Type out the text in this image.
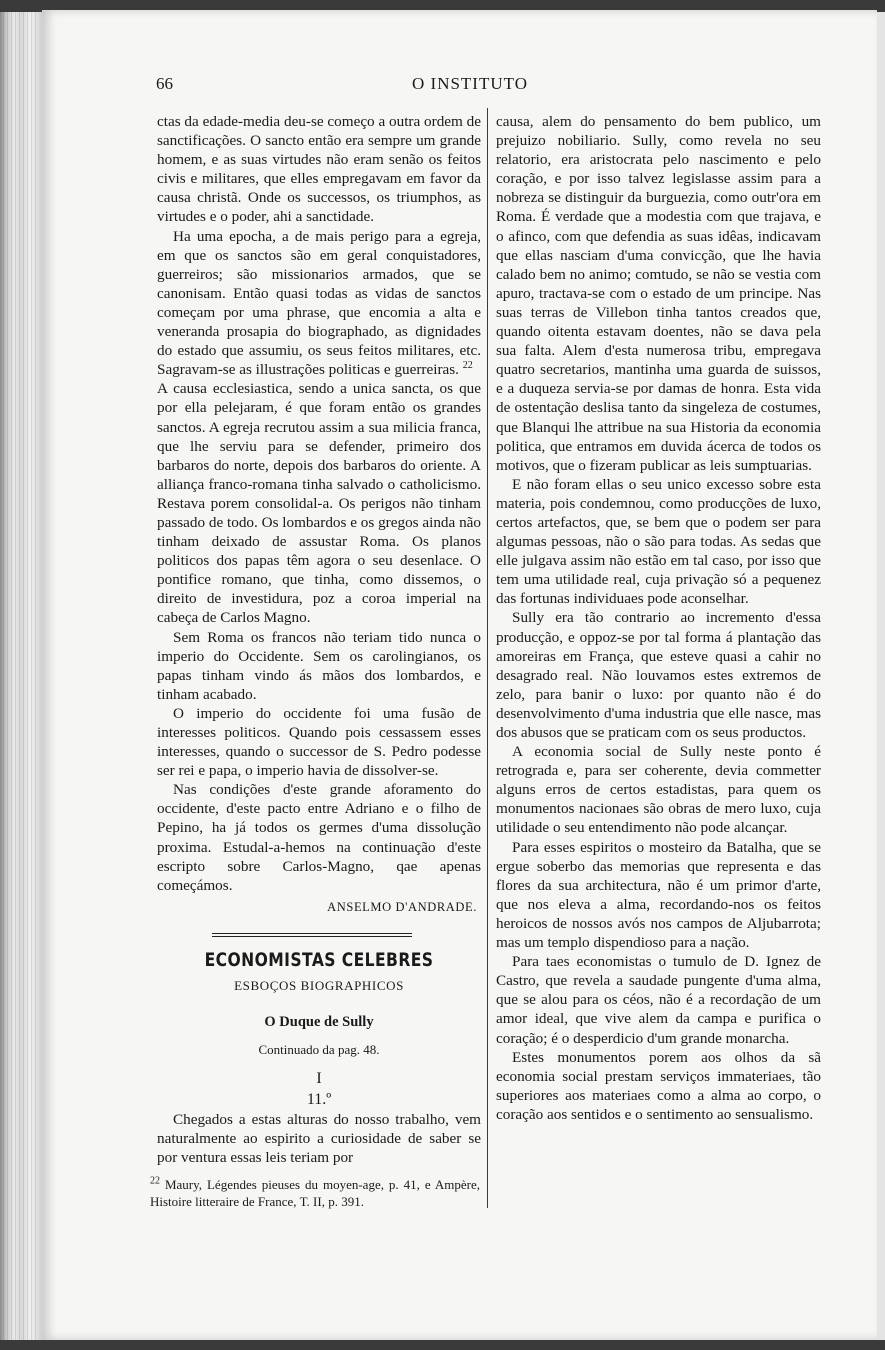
66	O INSTITUTO

ctas da edade-media deu-se começo a outra ordem de sanctificações. O sancto então era sempre um grande homem, e as suas virtudes não eram senão os feitos civis e militares, que elles empregavam em favor da causa christã. Onde os successos, os triumphos, as virtudes e o poder, ahi a sanctidade.

Ha uma epocha, a de mais perigo para a egreja, em que os sanctos são em geral conquistadores, guerreiros; são missionarios armados, que se canonisam. Então quasi todas as vidas de sanctos começam por uma phrase, que encomia a alta e veneranda prosapia do biographado, as dignidades do estado que assumiu, os seus feitos militares, etc. Sagravam-se as illustrações politicas e guerreiras. $^{22}$

A causa ecclesiastica, sendo a unica sancta, os que por ella pelejaram, é que foram então os grandes sanctos. A egreja recrutou assim a sua milicia franca, que lhe serviu para se defender, primeiro dos barbaros do norte, depois dos barbaros do oriente. A alliança franco-romana tinha salvado o catholicismo. Restava porem consolidal-a. Os perigos não tinham passado de todo. Os lombardos e os gregos ainda não tinham deixado de assustar Roma. Os planos politicos dos papas têm agora o seu desenlace. O pontifice romano, que tinha, como dissemos, o direito de investidura, poz a coroa imperial na cabeça de Carlos Magno.

Sem Roma os francos não teriam tido nunca o imperio do Occidente. Sem os carolingianos, os papas tinham vindo ás mãos dos lombardos, e tinham acabado.

O imperio do occidente foi uma fusão de interesses politicos. Quando pois cessassem esses interesses, quando o successor de S. Pedro podesse ser rei e papa, o imperio havia de dissolver-se.

Nas condições d'este grande aforamento do occidente, d'este pacto entre Adriano e o filho de Pepino, ha já todos os germes d'uma dissolução proxima. Estudal-a-hemos na continuação d'este escripto sobre Carlos-Magno, qae apenas começámos.

ANSELMO D'ANDRADE.
ECONOMISTAS CELEBRES
ESBOÇOS BIOGRAPHICOS
O Duque de Sully
Continuado da pag. 48.
I
11.º

Chegados a estas alturas do nosso trabalho, vem naturalmente ao espirito a curiosidade de saber se por ventura essas leis teriam por

$^{22}$ Maury, Légendes pieuses du moyen-age, p. 41, e Ampère, Histoire litteraire de France, T. II, p. 391.

causa, alem do pensamento do bem publico, um prejuizo nobiliario. Sully, como revela no seu relatorio, era aristocrata pelo nascimento e pelo coração, e por isso talvez legislasse assim para a nobreza se distinguir da burguezia, como outr'ora em Roma. É verdade que a modestia com que trajava, e o afinco, com que defendia as suas idêas, indicavam que ellas nasciam d'uma convicção, que lhe havia calado bem no animo; comtudo, se não se vestia com apuro, tractava-se com o estado de um principe. Nas suas terras de Villebon tinha tantos creados que, quando oitenta estavam doentes, não se dava pela sua falta. Alem d'esta numerosa tribu, empregava quatro secretarios, mantinha uma guarda de suissos, e a duqueza servia-se por damas de honra. Esta vida de ostentação deslisa tanto da singeleza de costumes, que Blanqui lhe attribue na sua Historia da economia politica, que entramos em duvida ácerca de todos os motivos, que o fizeram publicar as leis sumptuarias.

E não foram ellas o seu unico excesso sobre esta materia, pois condemnou, como producções de luxo, certos artefactos, que, se bem que o podem ser para algumas pessoas, não o são para todas. As sedas que elle julgava assim não estão em tal caso, por isso que tem uma utilidade real, cuja privação só a pequenez das fortunas individuaes pode aconselhar.

Sully era tão contrario ao incremento d'essa producção, e oppoz-se por tal forma á plantação das amoreiras em França, que esteve quasi a cahir no desagrado real. Não louvamos estes extremos de zelo, para banir o luxo: por quanto não é do desenvolvimento d'uma industria que elle nasce, mas dos abusos que se praticam com os seus productos.

A economia social de Sully neste ponto é retrograda e, para ser coherente, devia commetter alguns erros de certos estadistas, para quem os monumentos nacionaes são obras de mero luxo, cuja utilidade o seu entendimento não pode alcançar.

Para esses espiritos o mosteiro da Batalha, que se ergue soberbo das memorias que representa e das flores da sua architectura, não é um primor d'arte, que nos eleva a alma, recordando-nos os feitos heroicos de nossos avós nos campos de Aljubarrota; mas um templo dispendioso para a nação.

Para taes economistas o tumulo de D. Ignez de Castro, que revela a saudade pungente d'uma alma, que se alou para os céos, não é a recordação de um amor ideal, que vive alem da campa e purifica o coração; é o desperdicio d'um grande monarcha.

Estes monumentos porem aos olhos da sã economia social prestam serviços immateriaes, tão superiores aos materiaes como a alma ao corpo, o coração aos sentidos e o sentimento ao sensualismo.
